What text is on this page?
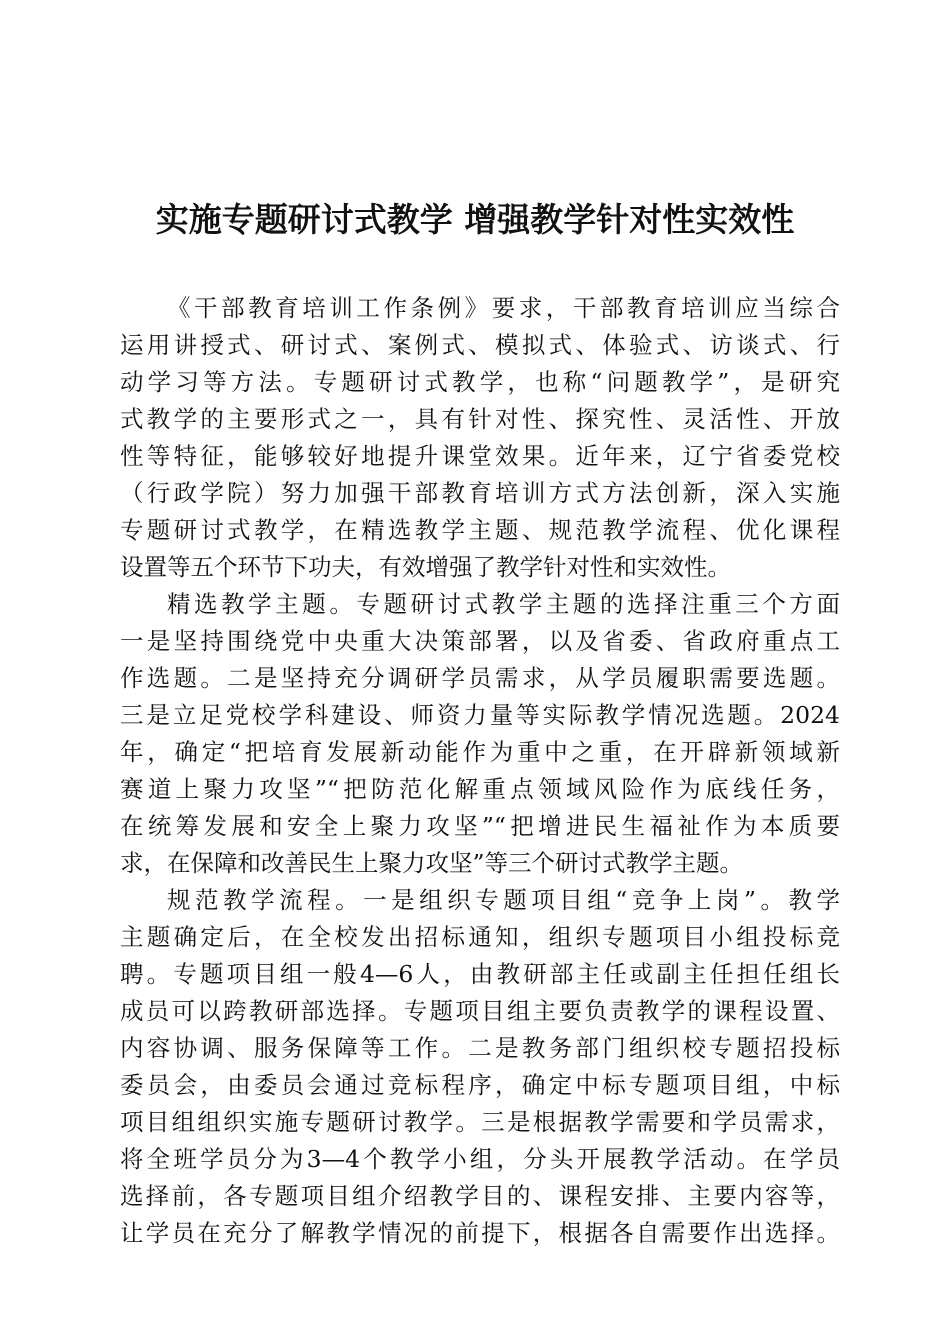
实施专题研讨式教学 增强教学针对性实效性
《干部教育培训工作条例》要求，干部教育培训应当综合
运用讲授式、研讨式、案例式、模拟式、体验式、访谈式、行
动学习等方法。专题研讨式教学，也称“问题教学”，是研究
式教学的主要形式之一，具有针对性、探究性、灵活性、开放
性等特征，能够较好地提升课堂效果。近年来，辽宁省委党校
（行政学院）努力加强干部教育培训方式方法创新，深入实施
专题研讨式教学，在精选教学主题、规范教学流程、优化课程
设置等五个环节下功夫，有效增强了教学针对性和实效性。
精选教学主题。专题研讨式教学主题的选择注重三个方面
一是坚持围绕党中央重大决策部署，以及省委、省政府重点工
作选题。二是坚持充分调研学员需求，从学员履职需要选题。
三是立足党校学科建设、师资力量等实际教学情况选题。2024
年，确定“把培育发展新动能作为重中之重，在开辟新领域新
赛道上聚力攻坚”“把防范化解重点领域风险作为底线任务，
在统筹发展和安全上聚力攻坚”“把增进民生福祉作为本质要
求，在保障和改善民生上聚力攻坚”等三个研讨式教学主题。
规范教学流程。一是组织专题项目组“竞争上岗”。教学
主题确定后，在全校发出招标通知，组织专题项目小组投标竞
聘。专题项目组一般4—6人，由教研部主任或副主任担任组长
成员可以跨教研部选择。专题项目组主要负责教学的课程设置、
内容协调、服务保障等工作。二是教务部门组织校专题招投标
委员会，由委员会通过竞标程序，确定中标专题项目组，中标
项目组组织实施专题研讨教学。三是根据教学需要和学员需求，
将全班学员分为3—4个教学小组，分头开展教学活动。在学员
选择前，各专题项目组介绍教学目的、课程安排、主要内容等，
让学员在充分了解教学情况的前提下，根据各自需要作出选择。
